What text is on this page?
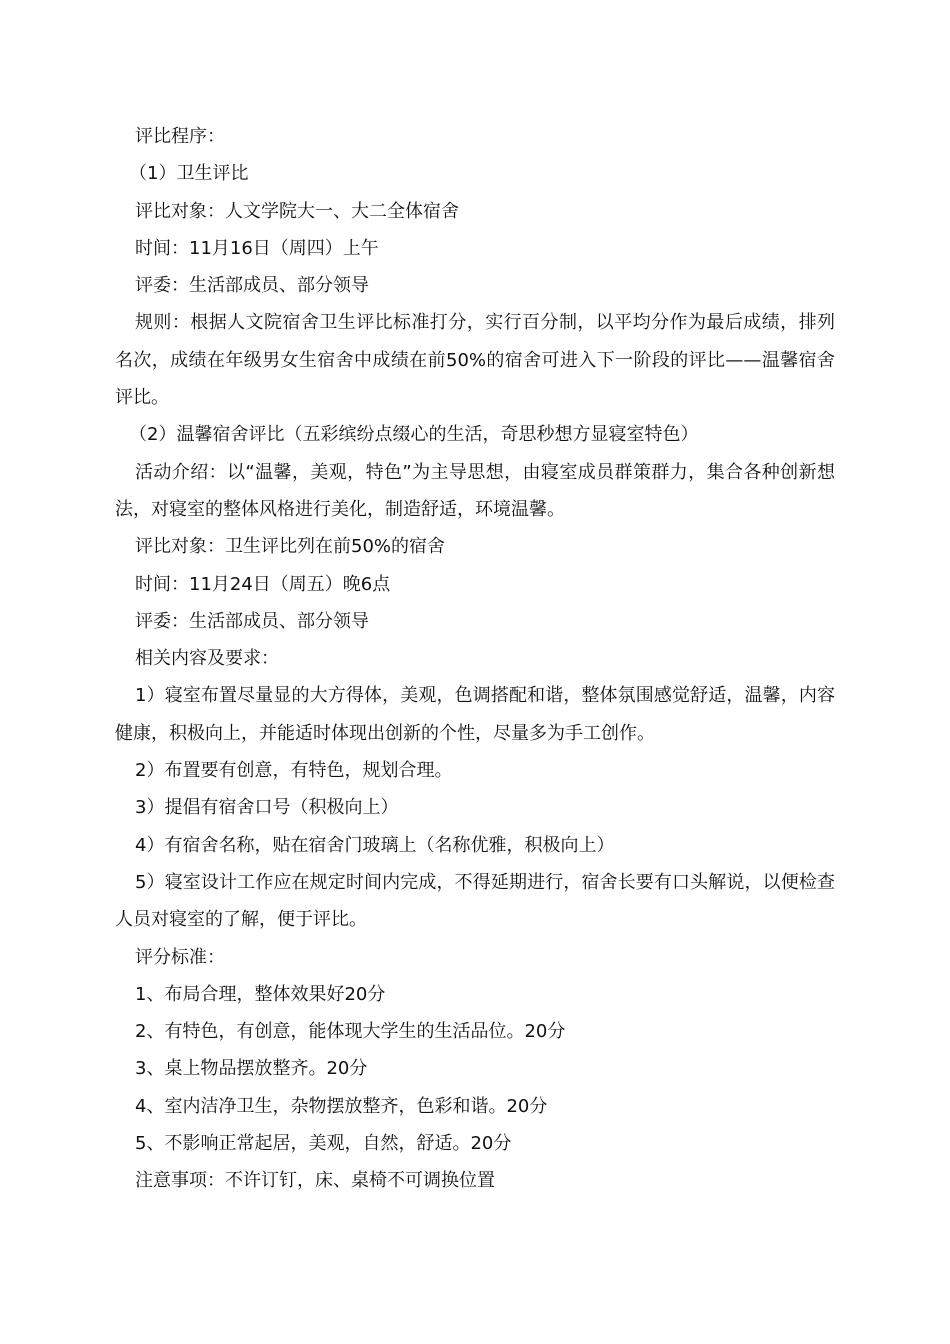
评比程序：

（1）卫生评比

评比对象：人文学院大一、大二全体宿舍

时间：11月16日（周四）上午

评委：生活部成员、部分领导

规则：根据人文院宿舍卫生评比标准打分，实行百分制，以平均分作为最后成绩，排列名次，成绩在年级男女生宿舍中成绩在前50%的宿舍可进入下一阶段的评比——温馨宿舍评比。

（2）温馨宿舍评比（五彩缤纷点缀心的生活，奇思秒想方显寝室特色）

活动介绍：以“温馨，美观，特色”为主导思想，由寝室成员群策群力，集合各种创新想法，对寝室的整体风格进行美化，制造舒适，环境温馨。

评比对象：卫生评比列在前50%的宿舍

时间：11月24日（周五）晚6点

评委：生活部成员、部分领导

相关内容及要求：

1）寝室布置尽量显的大方得体，美观，色调搭配和谐，整体氛围感觉舒适，温馨，内容健康，积极向上，并能适时体现出创新的个性，尽量多为手工创作。

2）布置要有创意，有特色，规划合理。

3）提倡有宿舍口号（积极向上）

4）有宿舍名称，贴在宿舍门玻璃上（名称优雅，积极向上）

5）寝室设计工作应在规定时间内完成，不得延期进行，宿舍长要有口头解说，以便检查人员对寝室的了解，便于评比。

评分标准：

1、布局合理，整体效果好20分

2、有特色，有创意，能体现大学生的生活品位。20分

3、桌上物品摆放整齐。20分

4、室内洁净卫生，杂物摆放整齐，色彩和谐。20分

5、不影响正常起居，美观，自然，舒适。20分

注意事项：不许订钉，床、桌椅不可调换位置
